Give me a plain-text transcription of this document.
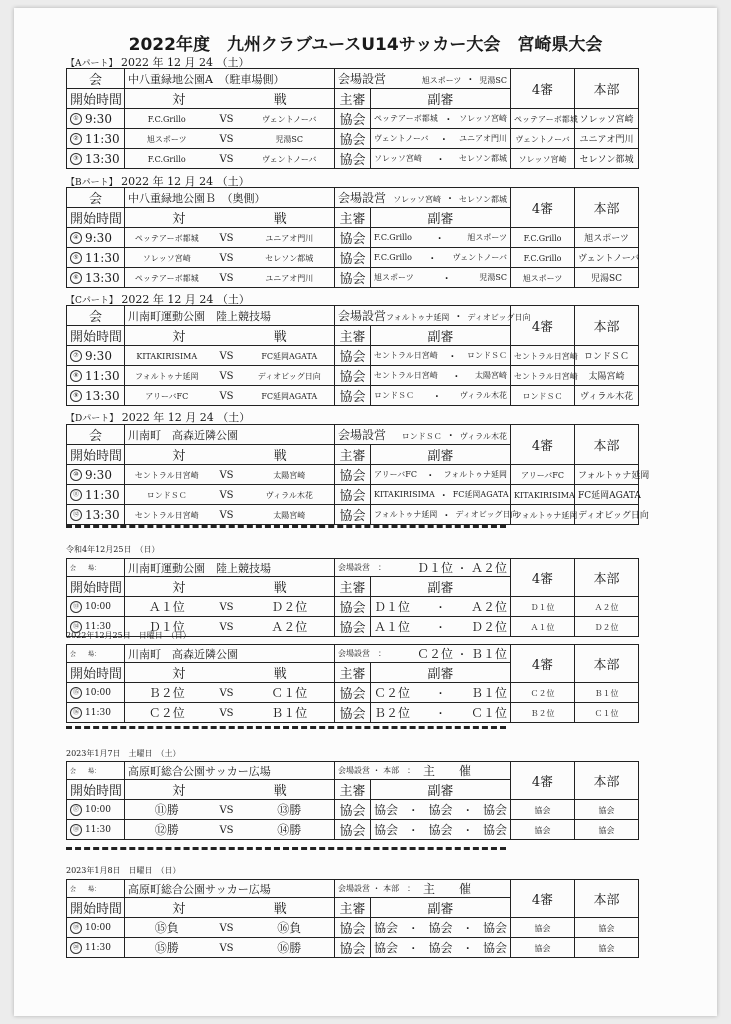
2022年度　九州クラブユースU14サッカー大会　宮崎県大会
【Aパート】 2022 年 12 月 24 （土）
会	中八重緑地公園A　（駐車場側）			会場設営 旭スポーツ ・ 児湯SC		4審	本部
開始時間	対 戦			主審	副審		

① 9:30	F.C.Grillo	VS	ヴェントノーバ	協会	ペッテアーボ都城 ・ ソレッソ宮崎	ペッテアーボ都城	ソレッソ宮崎

② 11:30	旭スポーツ	VS	児湯SC	協会	ヴェントノーバ ・ ユニアオ門川	ヴェントノーバ	ユニアオ門川

③ 13:30	F.C.Grillo	VS	ヴェントノーバ	協会	ソレッソ宮崎 ・ セレソン都城	ソレッソ宮崎	セレソン都城
【Bパート】 2022 年 12 月 24 （土）
会	中八重緑地公園Ｂ　（奥側）			会場設営 ソレッソ宮崎 ・ セレソン都城		4審	本部
開始時間	対 戦			主審	副審		

④ 9:30	ペッテアーボ都城	VS	ユニアオ門川	協会	F.C.Grillo ・ 旭スポーツ	F.C.Grillo	旭スポーツ

⑤ 11:30	ソレッソ宮崎	VS	セレソン都城	協会	F.C.Grillo ・ ヴェントノーバ	F.C.Grillo	ヴェントノーバ

⑥ 13:30	ペッテアーボ都城	VS	ユニアオ門川	協会	旭スポーツ ・ 児湯SC	旭スポーツ	児湯SC
【Cパート】 2022 年 12 月 24 （土）
会	川南町運動公園　陸上競技場			会場設営 フォルトゥナ延岡 ・ ディオビッグ日向		4審	本部
開始時間	対 戦			主審	副審		

⑦ 9:30	KITAKIRISIMA	VS	FC延岡AGATA	協会	セントラル日宮崎 ・ ロンドＳＣ	セントラル日宮崎	ロンドＳＣ

⑧ 11:30	フォルトゥナ延岡	VS	ディオビッグ日向	協会	セントラル日宮崎 ・ 太陽宮崎	セントラル日宮崎	太陽宮崎

⑨ 13:30	アリーバFC	VS	FC延岡AGATA	協会	ロンドＳＣ ・ ヴィラル木花	ロンドＳＣ	ヴィラル木花
【Dパート】 2022 年 12 月 24 （土）
会	川南町　高森近隣公園			会場設営 ロンドＳＣ ・ ヴィラル木花		4審	本部
開始時間	対 戦			主審	副審		

⑩ 9:30	セントラル日宮崎	VS	太陽宮崎	協会	アリーバFC ・ フォルトゥナ延岡	アリーバFC	フォルトゥナ延岡

⑪ 11:30	ロンドＳＣ	VS	ヴィラル木花	協会	KITAKIRISIMA ・ FC延岡AGATA	KITAKIRISIMA	FC延岡AGATA

⑫ 13:30	セントラル日宮崎	VS	太陽宮崎	協会	フォルトゥナ延岡 ・ ディオビッグ日向	フォルトゥナ延岡	ディオビッグ日向
令和4年12月25日　（日）
会　　場：	川南町運動公園　陸上競技場			会場設営　： Ｄ１位 ・ Ａ２位		4審	本部
開始時間	対 戦			主審	副審		

⑬ 10:00	Ａ１位	VS	Ｄ２位	協会	Ｄ１位 ・ Ａ２位	Ｄ１位	Ａ２位

⑭ 11:30	Ｄ１位	VS	Ａ２位	協会	Ａ１位 ・ Ｄ２位	Ａ１位	Ｄ２位
2022年12月25日　日曜日　（日）
会　　場：	川南町　高森近隣公園			会場設営　： Ｃ２位 ・ Ｂ１位		4審	本部
開始時間	対 戦			主審	副審		

⑮ 10:00	Ｂ２位	VS	Ｃ１位	協会	Ｃ２位 ・ Ｂ１位	Ｃ２位	Ｂ１位

⑯ 11:30	Ｃ２位	VS	Ｂ１位	協会	Ｂ２位 ・ Ｃ１位	Ｂ２位	Ｃ１位
2023年1月7日　土曜日　（土）
会　　場：	高原町総合公園サッカー広場			会場設営 ・ 本部　： 主　　催		4審	本部
開始時間	対 戦			主審	副審		

⑰ 10:00	⑪勝	VS	⑬勝	協会	協会 ・ 協会 ・ 協会	協会	協会

⑱ 11:30	⑫勝	VS	⑭勝	協会	協会 ・ 協会 ・ 協会	協会	協会
2023年1月8日　日曜日　（日）
会　　場：	高原町総合公園サッカー広場			会場設営 ・ 本部　： 主　　催		4審	本部
開始時間	対 戦			主審	副審		

⑲ 10:00	⑮負	VS	⑯負	協会	協会 ・ 協会 ・ 協会	協会	協会

⑳ 11:30	⑮勝	VS	⑯勝	協会	協会 ・ 協会 ・ 協会	協会	協会
